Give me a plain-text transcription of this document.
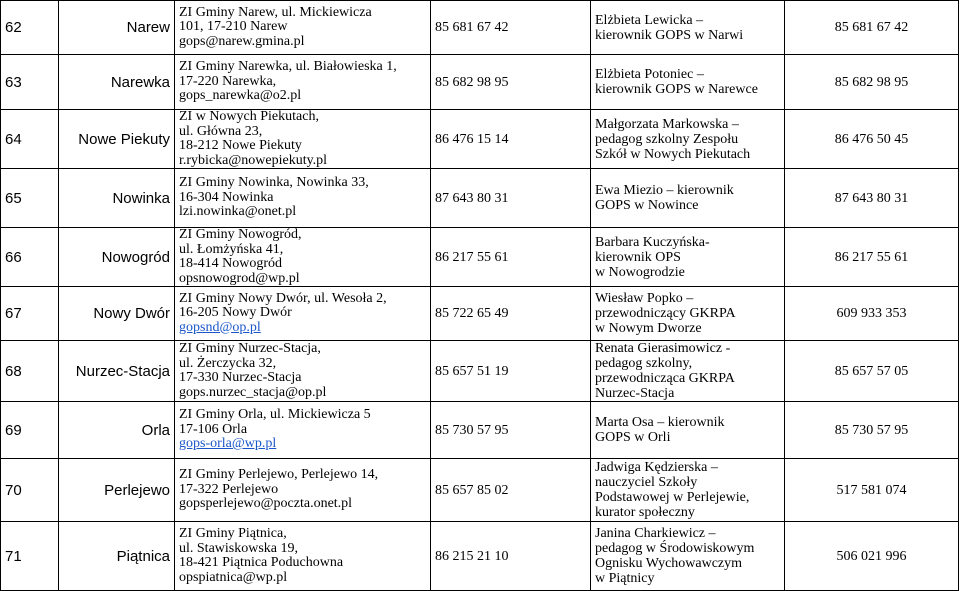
62	Narew	ZI Gminy Narew, ul. Mickiewicza
101, 17-210 Narew
gops@narew.gmina.pl	85 681 67 42	Elżbieta Lewicka –
kierownik GOPS w Narwi	85 681 67 42
63	Narewka	ZI Gminy Narewka, ul. Białowieska 1,
17-220 Narewka,
gops_narewka@o2.pl	85 682 98 95	Elżbieta Potoniec –
kierownik GOPS w Narewce	85 682 98 95
64	Nowe Piekuty	ZI w Nowych Piekutach,
ul. Główna 23,
18-212 Nowe Piekuty
r.rybicka@nowepiekuty.pl	86 476 15 14	Małgorzata Markowska –
pedagog szkolny Zespołu
Szkół w Nowych Piekutach	86 476 50 45
65	Nowinka	ZI Gminy Nowinka, Nowinka 33,
16-304 Nowinka
lzi.nowinka@onet.pl	87 643 80 31	Ewa Miezio – kierownik
GOPS w Nowince	87 643 80 31
66	Nowogród	ZI Gminy Nowogród,
ul. Łomżyńska 41,
18-414 Nowogród
opsnowogrod@wp.pl	86 217 55 61	Barbara Kuczyńska-
kierownik OPS
w Nowogrodzie	86 217 55 61
67	Nowy Dwór	ZI Gminy Nowy Dwór, ul. Wesoła 2,
16-205 Nowy Dwór
gopsnd@op.pl	85 722 65 49	Wiesław Popko –
przewodniczący GKRPA
w Nowym Dworze	609 933 353
68	Nurzec-Stacja	ZI Gminy Nurzec-Stacja,
ul. Żerczycka 32,
17-330 Nurzec-Stacja
gops.nurzec_stacja@op.pl	85 657 51 19	Renata Gierasimowicz -
pedagog szkolny,
przewodnicząca GKRPA
Nurzec-Stacja	85 657 57 05
69	Orla	ZI Gminy Orla, ul. Mickiewicza 5
17-106 Orla
gops-orla@wp.pl	85 730 57 95	Marta Osa – kierownik
GOPS w Orli	85 730 57 95
70	Perlejewo	ZI Gminy Perlejewo, Perlejewo 14,
17-322 Perlejewo
gopsperlejewo@poczta.onet.pl	85 657 85 02	Jadwiga Kędzierska –
nauczyciel Szkoły
Podstawowej w Perlejewie,
kurator społeczny	517 581 074
71	Piątnica	ZI Gminy Piątnica,
ul. Stawiskowska 19,
18-421 Piątnica Poduchowna
opspiatnica@wp.pl	86 215 21 10	Janina Charkiewicz –
pedagog w Środowiskowym
Ognisku Wychowawczym
w Piątnicy	506 021 996
